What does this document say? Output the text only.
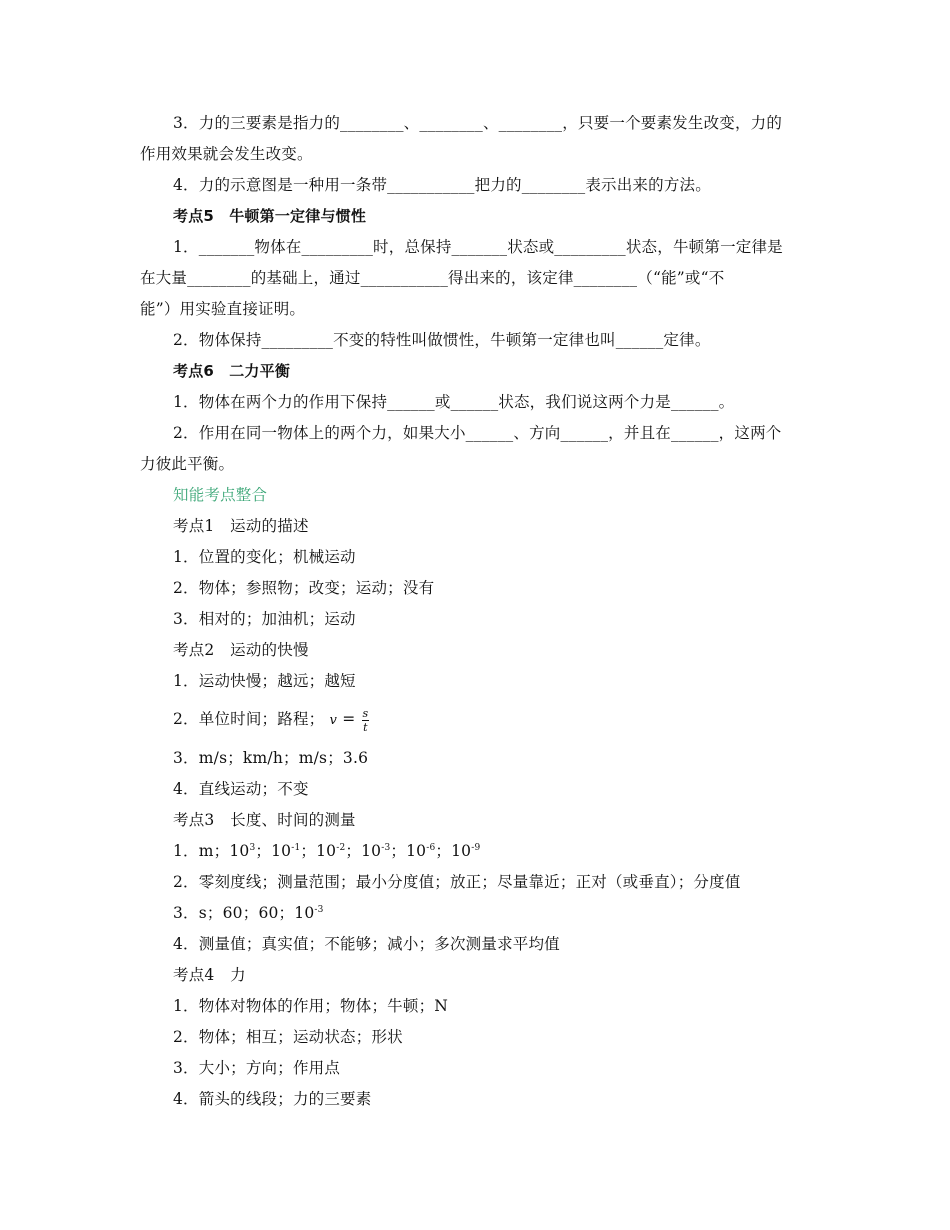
3．力的三要素是指力的________、________、________，只要一个要素发生改变，力的
作用效果就会发生改变。
4．力的示意图是一种用一条带___________把力的________表示出来的方法。
考点5　牛顿第一定律与惯性
1．_______物体在_________时，总保持_______状态或_________状态，牛顿第一定律是
在大量________的基础上，通过___________得出来的，该定律________（“能”或“不
能”）用实验直接证明。
2．物体保持_________不变的特性叫做惯性，牛顿第一定律也叫______定律。
考点6　二力平衡
1．物体在两个力的作用下保持______或______状态，我们说这两个力是______。
2．作用在同一物体上的两个力，如果大小______、方向______，并且在______，这两个
力彼此平衡。
知能考点整合
考点1　运动的描述
1．位置的变化；机械运动
2．物体；参照物；改变；运动；没有
3．相对的；加油机；运动
考点2　运动的快慢
1．运动快慢；越远；越短
2．单位时间；路程； $v = \frac{s}{t}$
3．m/s；km/h；m/s；3.6
4．直线运动；不变
考点3　长度、时间的测量
1．m；$10^3$；$10^{-1}$；$10^{-2}$；$10^{-3}$；$10^{-6}$；$10^{-9}$
2．零刻度线；测量范围；最小分度值；放正；尽量靠近；正对（或垂直）；分度值
3．s；60；60；$10^{-3}$
4．测量值；真实值；不能够；减小；多次测量求平均值
考点4　力
1．物体对物体的作用；物体；牛顿；N
2．物体；相互；运动状态；形状
3．大小；方向；作用点
4．箭头的线段；力的三要素
